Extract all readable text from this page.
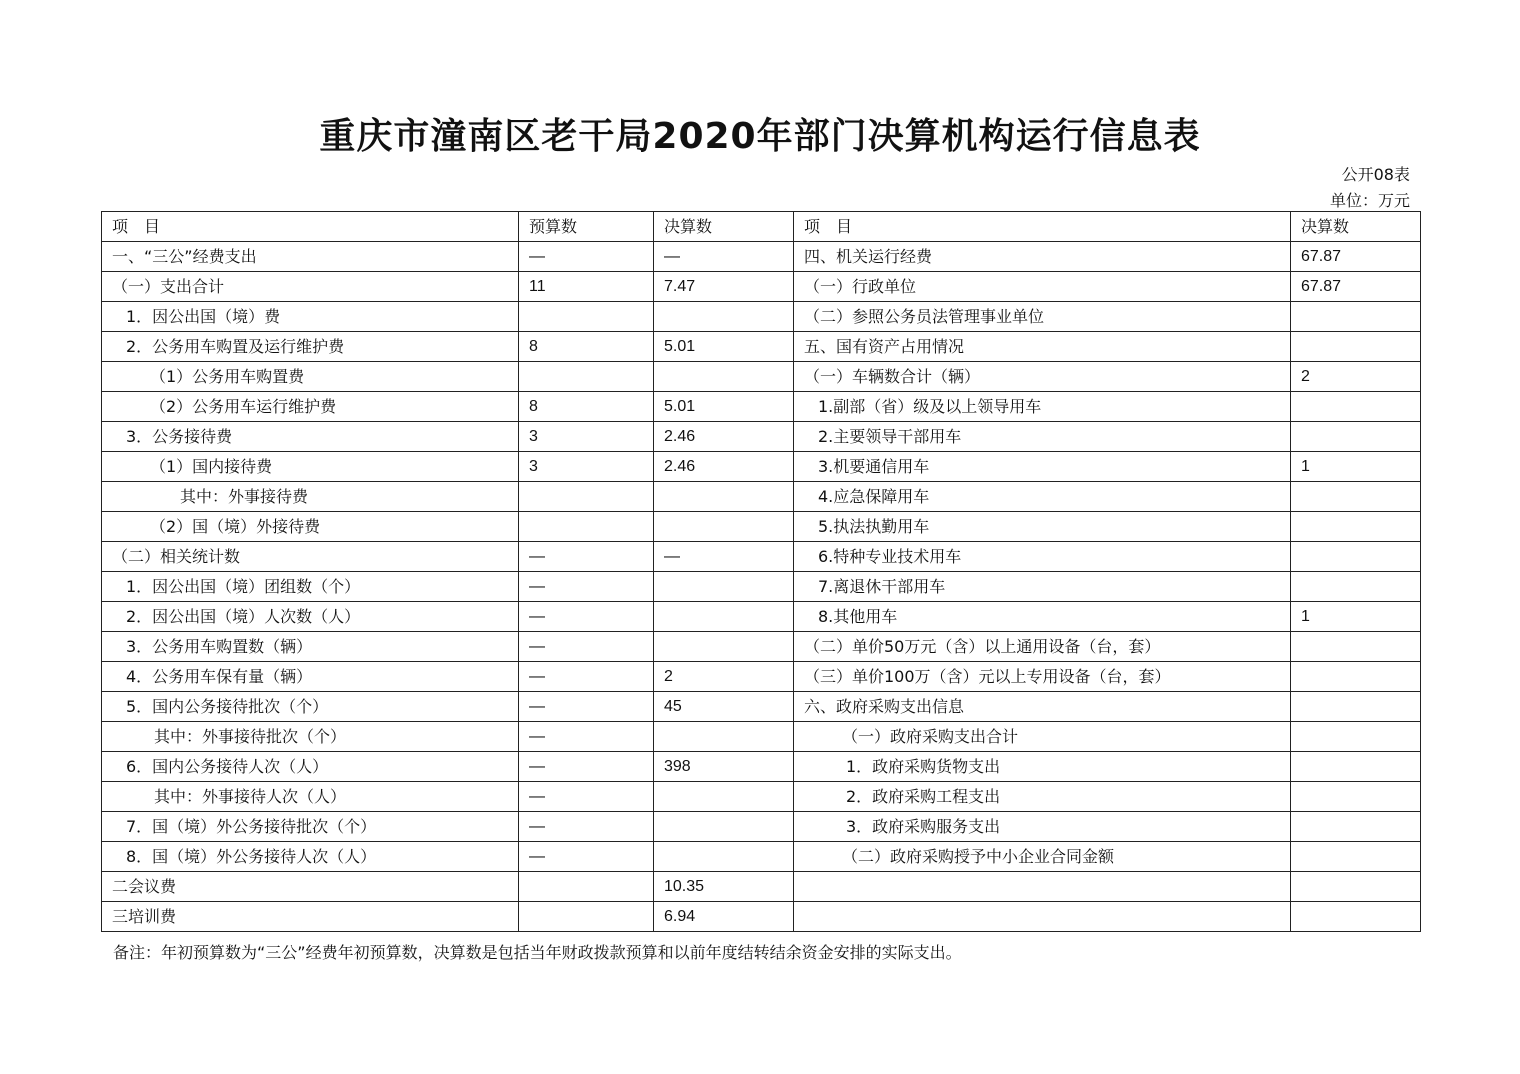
重庆市潼南区老干局2020年部门决算机构运行信息表
公开08表
单位：万元
项　目	预算数	决算数	项　目	决算数
一、“三公”经费支出	—	—	四、机关运行经费	67.87
（一）支出合计	11	7.47	（一）行政单位	67.87
1．因公出国（境）费			（二）参照公务员法管理事业单位	
2．公务用车购置及运行维护费	8	5.01	五、国有资产占用情况	
（1）公务用车购置费			（一）车辆数合计（辆）	2
（2）公务用车运行维护费	8	5.01	1.副部（省）级及以上领导用车	
3．公务接待费	3	2.46	2.主要领导干部用车	
（1）国内接待费	3	2.46	3.机要通信用车	1
其中：外事接待费			4.应急保障用车	
（2）国（境）外接待费			5.执法执勤用车	
（二）相关统计数	—	—	6.特种专业技术用车	
1．因公出国（境）团组数（个）	—		7.离退休干部用车	
2．因公出国（境）人次数（人）	—		8.其他用车	1
3．公务用车购置数（辆）	—		（二）单价50万元（含）以上通用设备（台，套）	
4．公务用车保有量（辆）	—	2	（三）单价100万（含）元以上专用设备（台，套）	
5．国内公务接待批次（个）	—	45	六、政府采购支出信息	
其中：外事接待批次（个）	—		（一）政府采购支出合计	
6．国内公务接待人次（人）	—	398	1．政府采购货物支出	
其中：外事接待人次（人）	—		2．政府采购工程支出	
7．国（境）外公务接待批次（个）	—		3．政府采购服务支出	
8．国（境）外公务接待人次（人）	—		（二）政府采购授予中小企业合同金额	
二会议费		10.35		
三培训费		6.94		
备注：年初预算数为“三公”经费年初预算数，决算数是包括当年财政拨款预算和以前年度结转结余资金安排的实际支出。
